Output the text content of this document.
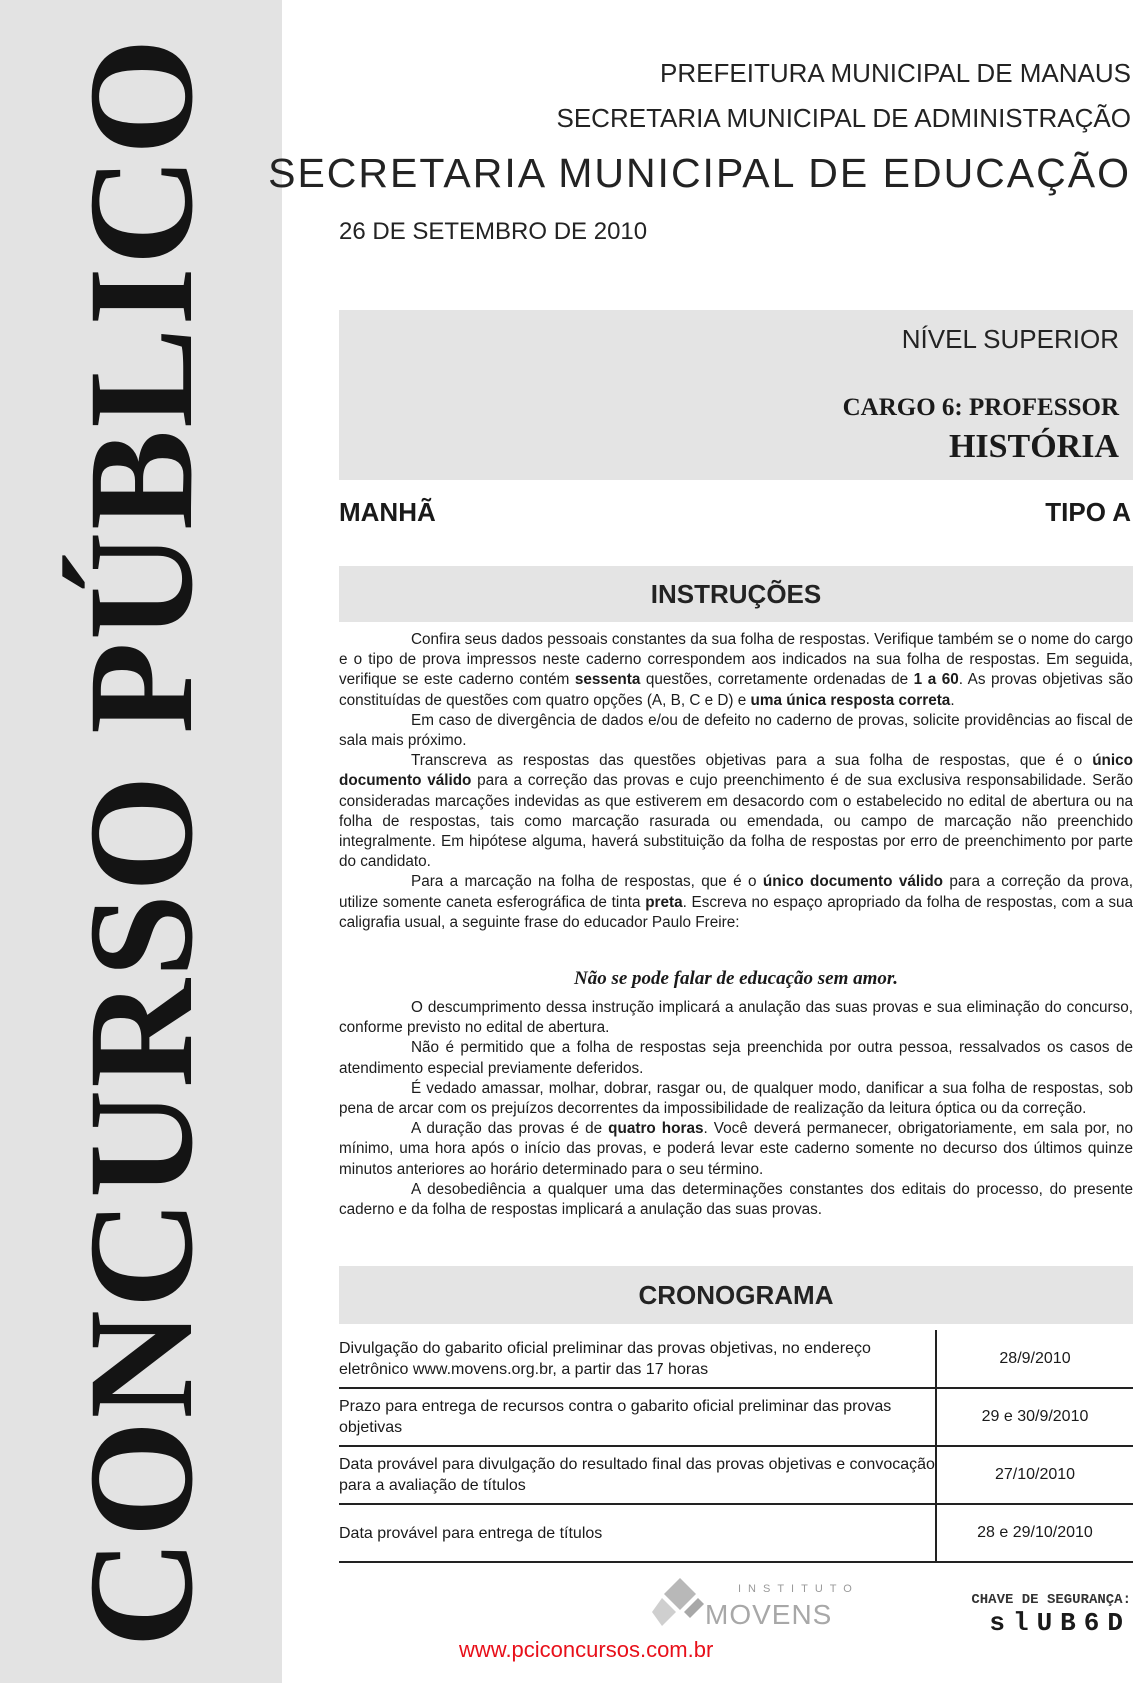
CONCURSO PÚBLICO	PREFEITURA MUNICIPAL DE MANAUS
SECRETARIA MUNICIPAL DE ADMINISTRAÇÃO
SECRETARIA MUNICIPAL DE EDUCAÇÃO
26 DE SETEMBRO DE 2010
NÍVEL SUPERIOR
CARGO 6: PROFESSOR
HISTÓRIA
MANHÃ	TIPO A
INSTRUÇÕES

Confira seus dados pessoais constantes da sua folha de respostas. Verifique também se o nome do cargo e o tipo de prova impressos neste caderno correspondem aos indicados na sua folha de respostas. Em seguida, verifique se este caderno contém sessenta questões, corretamente ordenadas de 1 a 60. As provas objetivas são constituídas de questões com quatro opções (A, B, C e D) e uma única resposta correta.

Em caso de divergência de dados e/ou de defeito no caderno de provas, solicite providências ao fiscal de sala mais próximo.

Transcreva as respostas das questões objetivas para a sua folha de respostas, que é o único documento válido para a correção das provas e cujo preenchimento é de sua exclusiva responsabilidade. Serão consideradas marcações indevidas as que estiverem em desacordo com o estabelecido no edital de abertura ou na folha de respostas, tais como marcação rasurada ou emendada, ou campo de marcação não preenchido integralmente. Em hipótese alguma, haverá substituição da folha de respostas por erro de preenchimento por parte do candidato.

Para a marcação na folha de respostas, que é o único documento válido para a correção da prova, utilize somente caneta esferográfica de tinta preta. Escreva no espaço apropriado da folha de respostas, com a sua caligrafia usual, a seguinte frase do educador Paulo Freire:

Não se pode falar de educação sem amor.

O descumprimento dessa instrução implicará a anulação das suas provas e sua eliminação do concurso, conforme previsto no edital de abertura.

Não é permitido que a folha de respostas seja preenchida por outra pessoa, ressalvados os casos de atendimento especial previamente deferidos.

É vedado amassar, molhar, dobrar, rasgar ou, de qualquer modo, danificar a sua folha de respostas, sob pena de arcar com os prejuízos decorrentes da impossibilidade de realização da leitura óptica ou da correção.

A duração das provas é de quatro horas. Você deverá permanecer, obrigatoriamente, em sala por, no mínimo, uma hora após o início das provas, e poderá levar este caderno somente no decurso dos últimos quinze minutos anteriores ao horário determinado para o seu término.

A desobediência a qualquer uma das determinações constantes dos editais do processo, do presente caderno e da folha de respostas implicará a anulação das suas provas.

CRONOGRAMA
Divulgação do gabarito oficial preliminar das provas objetivas, no endereço eletrônico www.movens.org.br, a partir das 17 horas	28/9/2010
Prazo para entrega de recursos contra o gabarito oficial preliminar das provas objetivas	29 e 30/9/2010
Data provável para divulgação do resultado final das provas objetivas e convocação para a avaliação de títulos	27/10/2010
Data provável para entrega de títulos	28 e 29/10/2010
INSTITUTO
MOVENS	CHAVE DE SEGURANÇA:
slUB6D
www.pciconcursos.com.br
